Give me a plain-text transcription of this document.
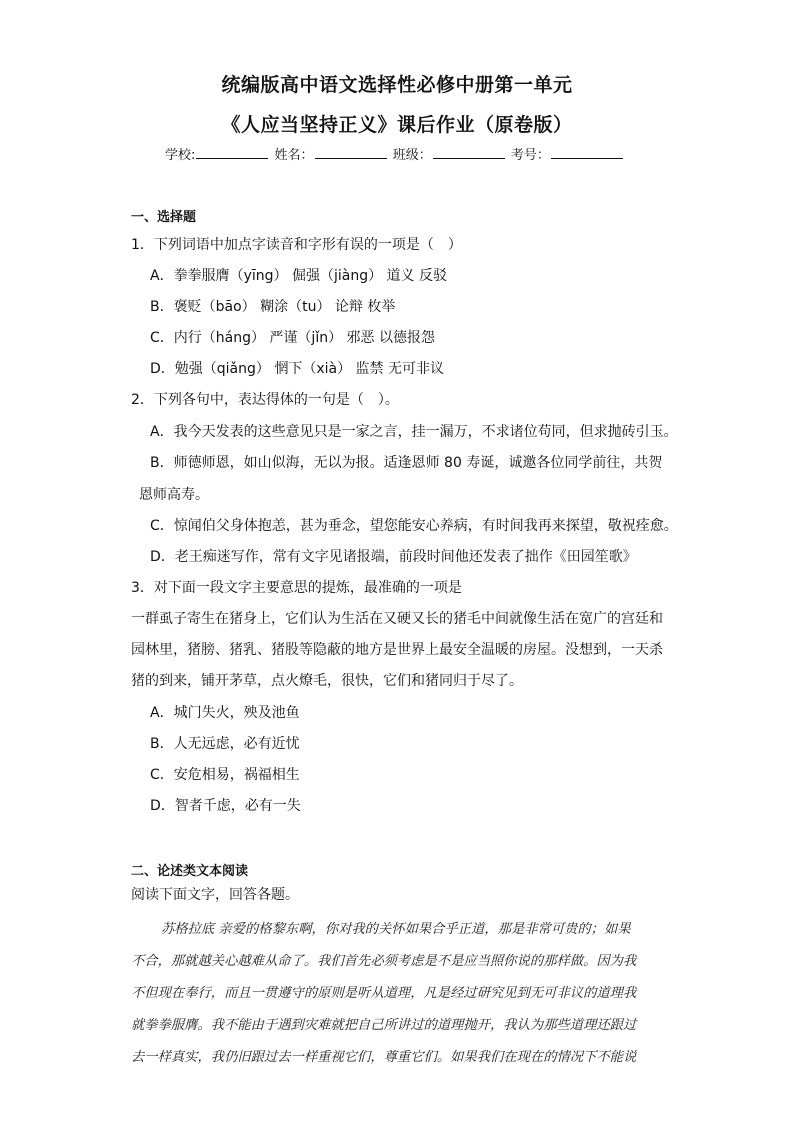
统编版高中语文选择性必修中册第一单元
《人应当坚持正义》课后作业（原卷版）
学校:	姓名：	班级：	考号：
一、选择题
1．下列词语中加点字读音和字形有误的一项是（　）
A．拳拳服膺（yīng） 倔强（jiàng） 道义 反驳
B．褒贬（bāo） 糊涂（tu） 论辩 枚举
C．内行（háng） 严谨（jǐn） 邪恶 以德报怨
D．勉强（qiǎng） 惘下（xià） 监禁 无可非议
2．下列各句中，表达得体的一句是（　）。
A．我今天发表的这些意见只是一家之言，挂一漏万，不求诸位苟同，但求抛砖引玉。
B．师德师恩，如山似海，无以为报。适逢恩师 80 寿诞，诚邀各位同学前往，共贺
恩师高寿。
C．惊闻伯父身体抱恙，甚为垂念，望您能安心养病，有时间我再来探望，敬祝痊愈。
D．老王痴迷写作，常有文字见诸报端，前段时间他还发表了拙作《田园笙歌》
3．对下面一段文字主要意思的提炼，最准确的一项是
一群虱子寄生在猪身上，它们认为生活在又硬又长的猪毛中间就像生活在宽广的宫廷和
园林里，猪膀、猪乳、猪股等隐蔽的地方是世界上最安全温暖的房屋。没想到，一天杀
猪的到来，铺开茅草，点火燎毛，很快，它们和猪同归于尽了。
A．城门失火，殃及池鱼
B．人无远虑，必有近忧
C．安危相易，祸福相生
D．智者千虑，必有一失
二、论述类文本阅读
阅读下面文字，回答各题。
苏格拉底 亲爱的格黎东啊，你对我的关怀如果合乎正道，那是非常可贵的；如果
不合，那就越关心越难从命了。我们首先必须考虑是不是应当照你说的那样做。因为我
不但现在奉行，而且一贯遵守的原则是听从道理，凡是经过研究见到无可非议的道理我
就拳拳服膺。我不能由于遇到灾难就把自己所讲过的道理抛开，我认为那些道理还跟过
去一样真实，我仍旧跟过去一样重视它们，尊重它们。如果我们在现在的情况下不能说
